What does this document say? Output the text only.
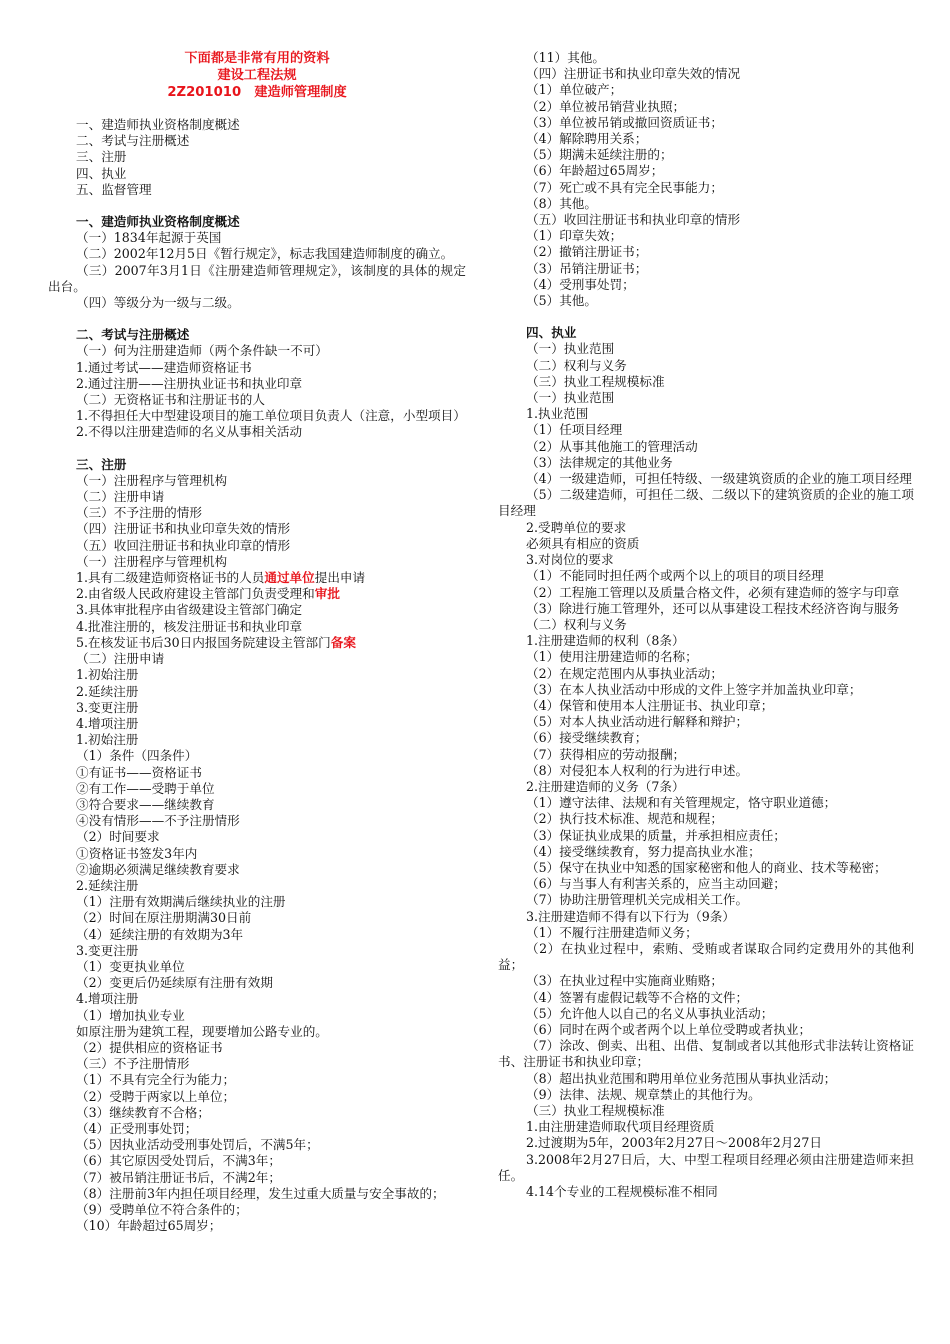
下面都是非常有用的资料
建设工程法规
2Z201010　建造师管理制度
一、建造师执业资格制度概述
二、考试与注册概述
三、注册
四、执业
五、监督管理
一、建造师执业资格制度概述
（一）1834年起源于英国
（二）2002年12月5日《暂行规定》，标志我国建造师制度的确立。
（三）2007年3月1日《注册建造师管理规定》，该制度的具体的规定出台。
（四）等级分为一级与二级。
二、考试与注册概述
（一）何为注册建造师（两个条件缺一不可）
1.通过考试——建造师资格证书
2.通过注册——注册执业证书和执业印章
（二）无资格证书和注册证书的人
1.不得担任大中型建设项目的施工单位项目负责人（注意，小型项目）
2.不得以注册建造师的名义从事相关活动
三、注册
（一）注册程序与管理机构
（二）注册申请
（三）不予注册的情形
（四）注册证书和执业印章失效的情形
（五）收回注册证书和执业印章的情形
（一）注册程序与管理机构
1.具有二级建造师资格证书的人员通过单位提出申请
2.由省级人民政府建设主管部门负责受理和审批
3.具体审批程序由省级建设主管部门确定
4.批准注册的，核发注册证书和执业印章
5.在核发证书后30日内报国务院建设主管部门备案
（二）注册申请
1.初始注册
2.延续注册
3.变更注册
4.增项注册
1.初始注册
（1）条件（四条件）
①有证书——资格证书
②有工作——受聘于单位
③符合要求——继续教育
④没有情形——不予注册情形
（2）时间要求
①资格证书签发3年内
②逾期必须满足继续教育要求
2.延续注册
（1）注册有效期满后继续执业的注册
（2）时间在原注册期满30日前
（4）延续注册的有效期为3年
3.变更注册
（1）变更执业单位
（2）变更后仍延续原有注册有效期
4.增项注册
（1）增加执业专业
如原注册为建筑工程，现要增加公路专业的。
（2）提供相应的资格证书
（三）不予注册情形
（1）不具有完全行为能力；
（2）受聘于两家以上单位；
（3）继续教育不合格；
（4）正受刑事处罚；
（5）因执业活动受刑事处罚后，不满5年；
（6）其它原因受处罚后，不满3年；
（7）被吊销注册证书后，不满2年；
（8）注册前3年内担任项目经理，发生过重大质量与安全事故的；
（9）受聘单位不符合条件的；
（10）年龄超过65周岁；
（11）其他。
（四）注册证书和执业印章失效的情况
（1）单位破产；
（2）单位被吊销营业执照；
（3）单位被吊销或撤回资质证书；
（4）解除聘用关系；
（5）期满未延续注册的；
（6）年龄超过65周岁；
（7）死亡或不具有完全民事能力；
（8）其他。
（五）收回注册证书和执业印章的情形
（1）印章失效；
（2）撤销注册证书；
（3）吊销注册证书；
（4）受刑事处罚；
（5）其他。
四、执业
（一）执业范围
（二）权利与义务
（三）执业工程规模标准
（一）执业范围
1.执业范围
（1）任项目经理
（2）从事其他施工的管理活动
（3）法律规定的其他业务
（4）一级建造师，可担任特级、一级建筑资质的企业的施工项目经理
（5）二级建造师，可担任二级、二级以下的建筑资质的企业的施工项目经理
2.受聘单位的要求
必须具有相应的资质
3.对岗位的要求
（1）不能同时担任两个或两个以上的项目的项目经理
（2）工程施工管理以及质量合格文件，必须有建造师的签字与印章
（3）除进行施工管理外，还可以从事建设工程技术经济咨询与服务
（二）权利与义务
1.注册建造师的权利（8条）
（1）使用注册建造师的名称；
（2）在规定范围内从事执业活动；
（3）在本人执业活动中形成的文件上签字并加盖执业印章；
（4）保管和使用本人注册证书、执业印章；
（5）对本人执业活动进行解释和辩护；
（6）接受继续教育；
（7）获得相应的劳动报酬；
（8）对侵犯本人权利的行为进行申述。
2.注册建造师的义务（7条）
（1）遵守法律、法规和有关管理规定，恪守职业道德；
（2）执行技术标准、规范和规程；
（3）保证执业成果的质量，并承担相应责任；
（4）接受继续教育，努力提高执业水准；
（5）保守在执业中知悉的国家秘密和他人的商业、技术等秘密；
（6）与当事人有利害关系的，应当主动回避；
（7）协助注册管理机关完成相关工作。
3.注册建造师不得有以下行为（9条）
（1）不履行注册建造师义务；
（2）在执业过程中，索贿、受贿或者谋取合同约定费用外的其他利益；
（3）在执业过程中实施商业贿赂；
（4）签署有虚假记载等不合格的文件；
（5）允许他人以自己的名义从事执业活动；
（6）同时在两个或者两个以上单位受聘或者执业；
（7）涂改、倒卖、出租、出借、复制或者以其他形式非法转让资格证书、注册证书和执业印章；
（8）超出执业范围和聘用单位业务范围从事执业活动；
（9）法律、法规、规章禁止的其他行为。
（三）执业工程规模标准
1.由注册建造师取代项目经理资质
2.过渡期为5年，2003年2月27日～2008年2月27日
3.2008年2月27日后，大、中型工程项目经理必须由注册建造师来担任。
4.14个专业的工程规模标准不相同
